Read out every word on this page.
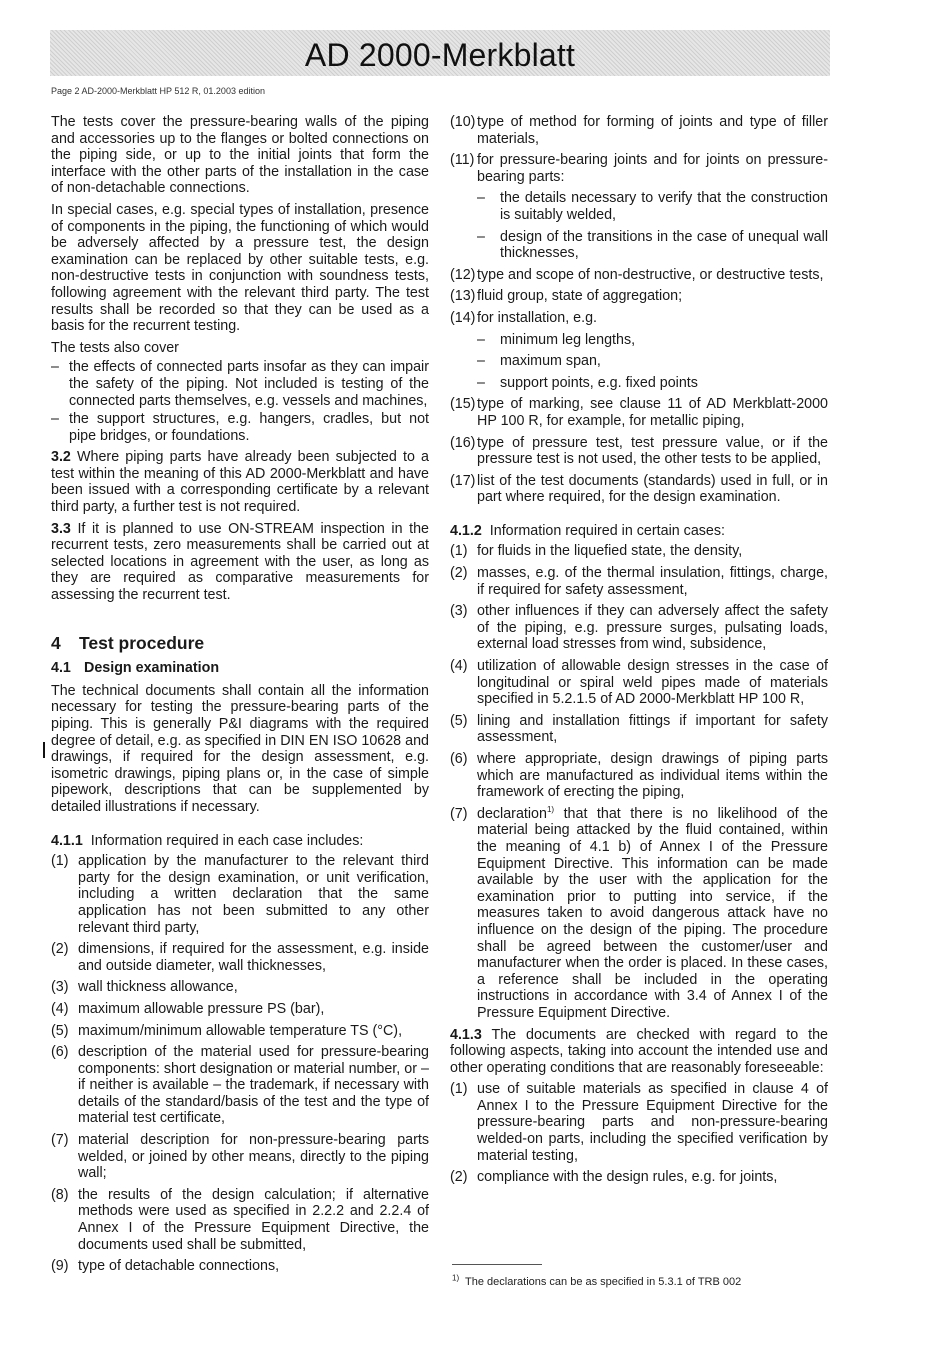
AD 2000-Merkblatt
Page 2 AD-2000-Merkblatt HP 512 R, 01.2003 edition

The tests cover the pressure-bearing walls of the piping and accessories up to the flanges or bolted connections on the piping side, or up to the initial joints that form the interface with the other parts of the installation in the case of non-detachable connections.

In special cases, e.g. special types of installation, presence of components in the piping, the functioning of which would be adversely affected by a pressure test, the design examination can be replaced by other suitable tests, e.g. non-destructive tests in conjunction with soundness tests, following agreement with the relevant third party. The test results shall be recorded so that they can be used as a basis for the recurrent testing.

The tests also cover

– the effects of connected parts insofar as they can impair the safety of the piping. Not included is testing of the connected parts themselves, e.g. vessels and machines,
– the support structures, e.g. hangers, cradles, but not pipe bridges, or foundations.

3.2 Where piping parts have already been subjected to a test within the meaning of this AD 2000-Merkblatt and have been issued with a corresponding certificate by a relevant third party, a further test is not required.

3.3 If it is planned to use ON-STREAM inspection in the recurrent tests, zero measurements shall be carried out at selected locations in agreement with the user, as long as they are required as comparative measurements for assessing the recurrent test.

4 Test procedure
4.1 Design examination

The technical documents shall contain all the information necessary for testing the pressure-bearing parts of the piping. This is generally P&I diagrams with the required degree of detail, e.g. as specified in DIN EN ISO 10628 and drawings, if required for the design assessment, e.g. isometric drawings, piping plans or, in the case of simple pipework, descriptions that can be supplemented by detailed illustrations if necessary.

4.1.1 Information required in each case includes:

(1) application by the manufacturer to the relevant third party for the design examination, or unit verification, including a written declaration that the same application has not been submitted to any other relevant third party,
(2) dimensions, if required for the assessment, e.g. inside and outside diameter, wall thicknesses,
(3) wall thickness allowance,
(4) maximum allowable pressure PS (bar),
(5) maximum/minimum allowable temperature TS (°C),
(6) description of the material used for pressure-bearing components: short designation or material number, or – if neither is available – the trademark, if necessary with details of the standard/basis of the test and the type of material test certificate,
(7) material description for non-pressure-bearing parts welded, or joined by other means, directly to the piping wall;
(8) the results of the design calculation; if alternative methods were used as specified in 2.2.2 and 2.2.4 of Annex I of the Pressure Equipment Directive, the documents used shall be submitted,
(9) type of detachable connections,
(10) type of method for forming of joints and type of filler materials,
(11) for pressure-bearing joints and for joints on pressure-bearing parts:
–	the details necessary to verify that the construction is suitably welded,
–	design of the transitions in the case of unequal wall thicknesses,
(12) type and scope of non-destructive, or destructive tests,
(13) fluid group, state of aggregation;
(14) for installation, e.g.
–	minimum leg lengths,
–	maximum span,
–	support points, e.g. fixed points
(15) type of marking, see clause 11 of AD Merkblatt-2000 HP 100 R, for example, for metallic piping,
(16) type of pressure test, test pressure value, or if the pressure test is not used, the other tests to be applied,
(17) list of the test documents (standards) used in full, or in part where required, for the design examination.

4.1.2 Information required in certain cases:

(1) for fluids in the liquefied state, the density,
(2) masses, e.g. of the thermal insulation, fittings, charge, if required for safety assessment,
(3) other influences if they can adversely affect the safety of the piping, e.g. pressure surges, pulsating loads, external load stresses from wind, subsidence,
(4) utilization of allowable design stresses in the case of longitudinal or spiral weld pipes made of materials specified in 5.2.1.5 of AD 2000-Merkblatt HP 100 R,
(5) lining and installation fittings if important for safety assessment,
(6) where appropriate, design drawings of piping parts which are manufactured as individual items within the framework of erecting the piping,
(7) declaration$^{1)}$ that that there is no likelihood of the material being attacked by the fluid contained, within the meaning of 4.1 b) of Annex I of the Pressure Equipment Directive. This information can be made available by the user with the application for the examination prior to putting into service, if the measures taken to avoid dangerous attack have no influence on the design of the piping. The procedure shall be agreed between the customer/user and manufacturer when the order is placed. In these cases, a reference shall be included in the operating instructions in accordance with 3.4 of Annex I of the Pressure Equipment Directive.

4.1.3 The documents are checked with regard to the following aspects, taking into account the intended use and other operating conditions that are reasonably foreseeable:

(1) use of suitable materials as specified in clause 4 of Annex I to the Pressure Equipment Directive for the pressure-bearing parts and non-pressure-bearing welded-on parts, including the specified verification by material testing,
(2) compliance with the design rules, e.g. for joints,
$^{1)}$ The declarations can be as specified in 5.3.1 of TRB 002
